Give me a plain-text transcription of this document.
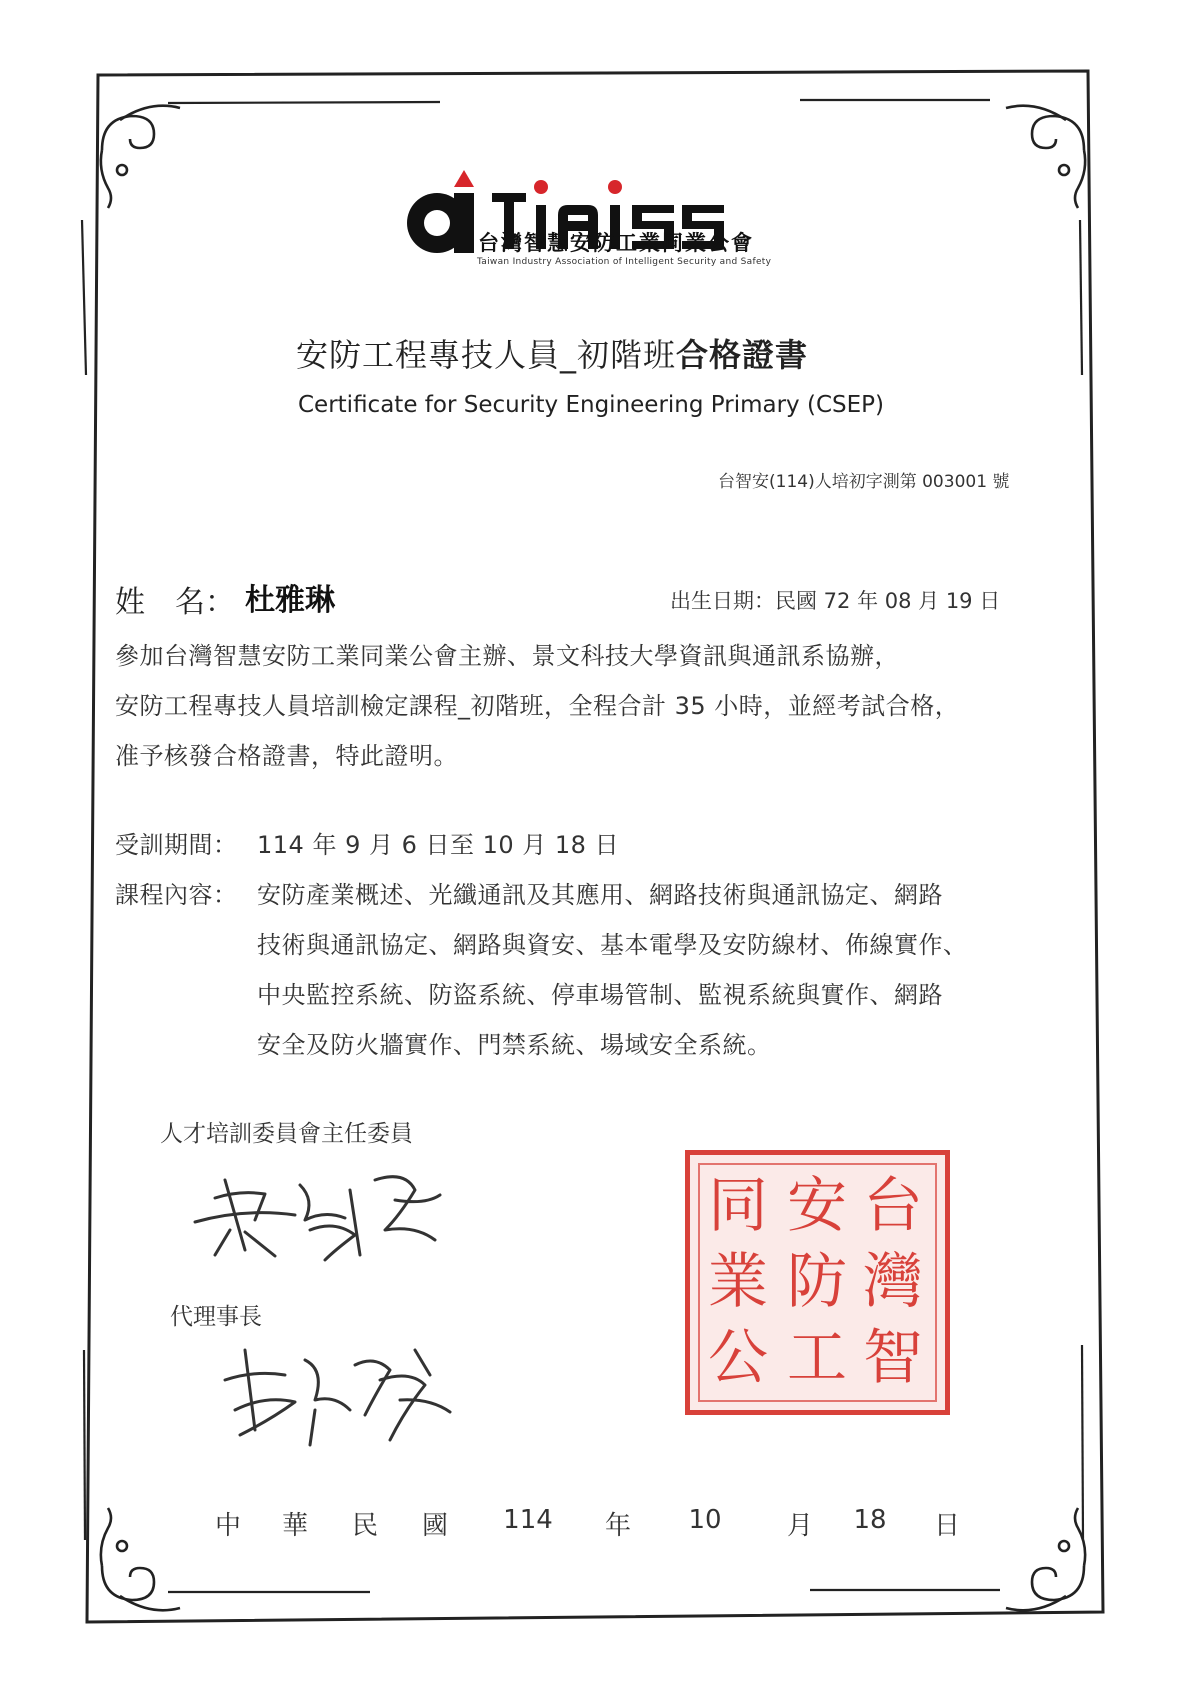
台灣智慧安防工業同業公會
Taiwan Industry Association of Intelligent Security and Safety
安防工程專技人員_初階班合格證書
Certificate for Security Engineering Primary (CSEP)
台智安(114)人培初字測第 003001 號
姓　名： 杜雅琳	出生日期：民國 72 年 08 月 19 日
參加台灣智慧安防工業同業公會主辦、景文科技大學資訊與通訊系協辦，
安防工程專技人員培訓檢定課程_初階班，全程合計 35 小時，並經考試合格，
准予核發合格證書，特此證明。
受訓期間： 114 年 9 月 6 日至 10 月 18 日
課程內容： 安防產業概述、光纖通訊及其應用、網路技術與通訊協定、網路
技術與通訊協定、網路與資安、基本電學及安防線材、佈線實作、
中央監控系統、防盜系統、停車場管制、監視系統與實作、網路
安全及防火牆實作、門禁系統、場域安全系統。
人才培訓委員會主任委員
代理事長
台
灣
智
安
防
工
同
業
公
中	華	民	國	114	年	10	月	18	日
